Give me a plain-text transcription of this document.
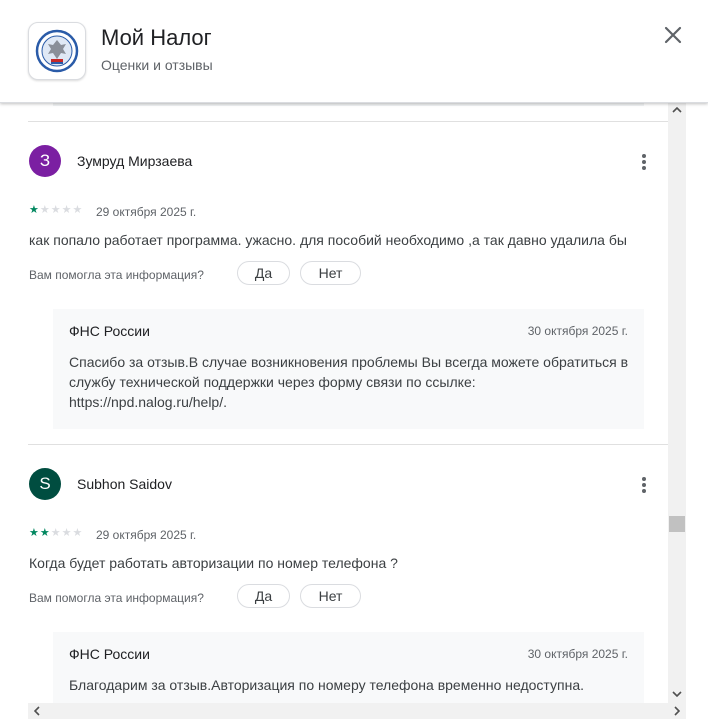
Мой Налог
Оценки и отзывы
З Зумруд Мирзаева
★ ★ ★ ★ ★ 29 октября 2025 г.
как попало работает программа. ужасно. для пособий необходимо ,а так давно удалила бы
Вам помогла эта информация?	Да	Нет
ФНС России	30 октября 2025 г.
Спасибо за отзыв.В случае возникновения проблемы Вы всегда можете обратиться в службу технической поддержки через форму связи по ссылке: https://npd.nalog.ru/help/.
S Subhon Saidov
★ ★ ★ ★ ★ 29 октября 2025 г.
Когда будет работать авторизации по номер телефона ?
Вам помогла эта информация?	Да	Нет
ФНС России	30 октября 2025 г.
Благодарим за отзыв.Авторизация по номеру телефона временно недоступна.
